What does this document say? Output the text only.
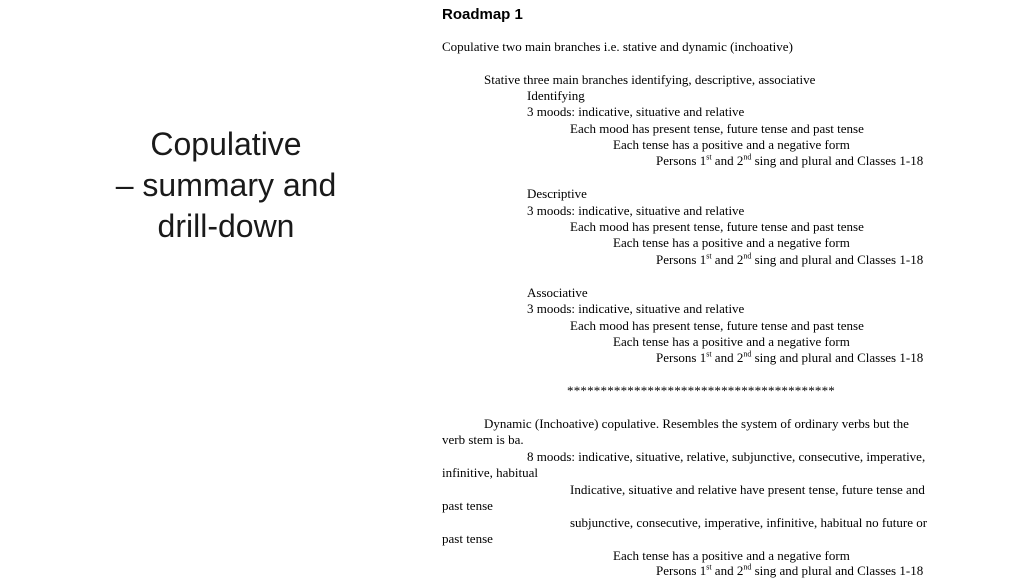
Copulative
– summary and
drill-down
Roadmap 1
Copulative two main branches i.e. stative and dynamic (inchoative)
Stative three main branches identifying, descriptive, associative
Identifying
3 moods: indicative, situative and relative
Each mood has present tense, future tense and past tense
Each tense has a positive and a negative form
Persons 1st and 2nd sing and plural and Classes 1-18
Descriptive
3 moods: indicative, situative and relative
Each mood has present tense, future tense and past tense
Each tense has a positive and a negative form
Persons 1st and 2nd sing and plural and Classes 1-18
Associative
3 moods: indicative, situative and relative
Each mood has present tense, future tense and past tense
Each tense has a positive and a negative form
Persons 1st and 2nd sing and plural and Classes 1-18
****************************************
Dynamic (Inchoative) copulative. Resembles the system of ordinary verbs but the
verb stem is ba.
8 moods: indicative, situative, relative, subjunctive, consecutive, imperative,
infinitive, habitual
Indicative, situative and relative have present tense, future tense and
past tense
subjunctive, consecutive, imperative, infinitive, habitual no future or
past tense
Each tense has a positive and a negative form
Persons 1st and 2nd sing and plural and Classes 1-18
